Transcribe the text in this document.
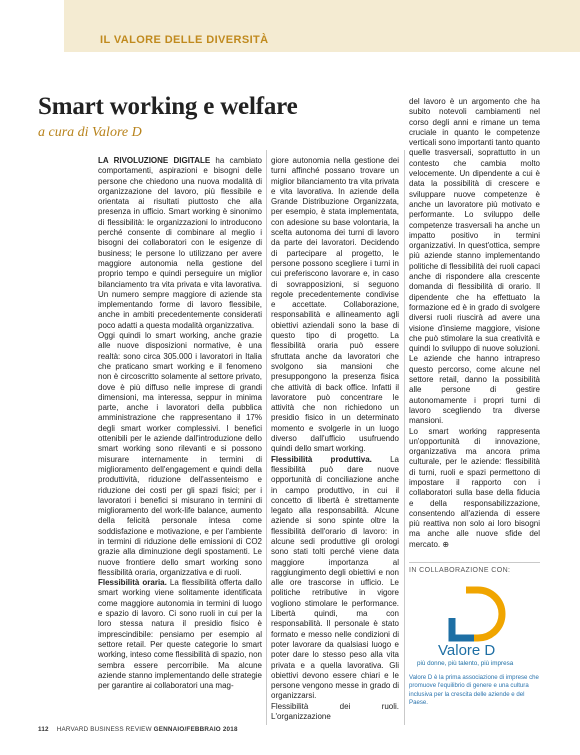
IL VALORE DELLE DIVERSITÀ
Smart working e welfare
a cura di Valore D

LA RIVOLUZIONE DIGITALE ha cambiato comportamenti, aspirazioni e bisogni delle persone che chiedono una nuova modalità di organizzazione del lavoro, più flessibile e orientata ai risultati piuttosto che alla presenza in ufficio. Smart working è sinonimo di flessibilità: le organizzazioni lo introducono perché consente di combinare al meglio i bisogni dei collaboratori con le esigenze di business; le persone lo utilizzano per avere maggiore autonomia nella gestione del proprio tempo e quindi perseguire un miglior bilanciamento tra vita privata e vita lavorativa. Un numero sempre maggiore di aziende sta implementando forme di lavoro flessibile, anche in ambiti precedentemente considerati poco adatti a questa modalità organizzativa.

Oggi quindi lo smart working, anche grazie alle nuove disposizioni normative, è una realtà: sono circa 305.000 i lavoratori in Italia che praticano smart working e il fenomeno non è circoscritto solamente al settore privato, dove è più diffuso nelle imprese di grandi dimensioni, ma interessa, seppur in minima parte, anche i lavoratori della pubblica amministrazione che rappresentano il 17% degli smart worker complessivi. I benefici ottenibili per le aziende dall'introduzione dello smart working sono rilevanti e si possono misurare internamente in termini di miglioramento dell'engagement e quindi della produttività, riduzione dell'assenteismo e riduzione dei costi per gli spazi fisici; per i lavoratori i benefici si misurano in termini di miglioramento del work-life balance, aumento della felicità personale intesa come soddisfazione e motivazione, e per l'ambiente in termini di riduzione delle emissioni di CO2 grazie alla diminuzione degli spostamenti. Le nuove frontiere dello smart working sono flessibilità oraria, organizzativa e di ruoli.

Flessibilità oraria. La flessibilità offerta dallo smart working viene solitamente identificata come maggiore autonomia in termini di luogo e spazio di lavoro. Ci sono ruoli in cui per la loro stessa natura il presidio fisico è imprescindibile: pensiamo per esempio al settore retail. Per queste categorie lo smart working, inteso come flessibilità di spazio, non sembra essere percorribile. Ma alcune aziende stanno implementando delle strategie per garantire ai collaboratori una mag-

giore autonomia nella gestione dei turni affinché possano trovare un miglior bilanciamento tra vita privata e vita lavorativa. In aziende della Grande Distribuzione Organizzata, per esempio, è stata implementata, con adesione su base volontaria, la scelta autonoma dei turni di lavoro da parte dei lavoratori. Decidendo di partecipare al progetto, le persone possono scegliere i turni in cui preferiscono lavorare e, in caso di sovrapposizioni, si seguono regole precedentemente condivise e accettate. Collaborazione, responsabilità e allineamento agli obiettivi aziendali sono la base di questo tipo di progetto. La flessibilità oraria può essere sfruttata anche da lavoratori che svolgono sia mansioni che presuppongono la presenza fisica che attività di back office. Infatti il lavoratore può concentrare le attività che non richiedono un presidio fisico in un determinato momento e svolgerle in un luogo diverso dall'ufficio usufruendo quindi dello smart working.

Flessibilità produttiva. La flessibilità può dare nuove opportunità di conciliazione anche in campo produttivo, in cui il concetto di libertà è strettamente legato alla responsabilità. Alcune aziende si sono spinte oltre la flessibilità dell'orario di lavoro: in alcune sedi produttive gli orologi sono stati tolti perché viene data maggiore importanza al raggiungimento degli obiettivi e non alle ore trascorse in ufficio. Le politiche retributive in vigore vogliono stimolare le performance. Libertà quindi, ma con responsabilità. Il personale è stato formato e messo nelle condizioni di poter lavorare da qualsiasi luogo e poter dare lo stesso peso alla vita privata e a quella lavorativa. Gli obiettivi devono essere chiari e le persone vengono messe in grado di organizzarsi.

Flessibilità dei ruoli. L'organizzazione

del lavoro è un argomento che ha subito notevoli cambiamenti nel corso degli anni e rimane un tema cruciale in quanto le competenze verticali sono importanti tanto quanto quelle trasversali, soprattutto in un contesto che cambia molto velocemente. Un dipendente a cui è data la possibilità di crescere e sviluppare nuove competenze è anche un lavoratore più motivato e performante. Lo sviluppo delle competenze trasversali ha anche un impatto positivo in termini organizzativi. In quest'ottica, sempre più aziende stanno implementando politiche di flessibilità dei ruoli capaci anche di rispondere alla crescente domanda di flessibilità di orario. Il dipendente che ha effettuato la formazione ed è in grado di svolgere diversi ruoli riuscirà ad avere una visione d'insieme maggiore, visione che può stimolare la sua creatività e quindi lo sviluppo di nuove soluzioni. Le aziende che hanno intrapreso questo percorso, come alcune nel settore retail, danno la possibilità alle persone di gestire autonomamente i propri turni di lavoro scegliendo tra diverse mansioni.

Lo smart working rappresenta un'opportunità di innovazione, organizzativa ma ancora prima culturale, per le aziende: flessibilità di turni, ruoli e spazi permettono di impostare il rapporto con i collaboratori sulla base della fiducia e della responsabilizzazione, consentendo all'azienda di essere più reattiva non solo ai loro bisogni ma anche alle nuove sfide del mercato. ⊕

IN COLLABORAZIONE CON:
Valore D
più donne, più talento, più impresa
Valore D è la prima associazione di imprese che promuove l'equilibrio di genere e una cultura inclusiva per la crescita delle aziende e del Paese.
112 HARVARD BUSINESS REVIEW GENNAIO/FEBBRAIO 2018
